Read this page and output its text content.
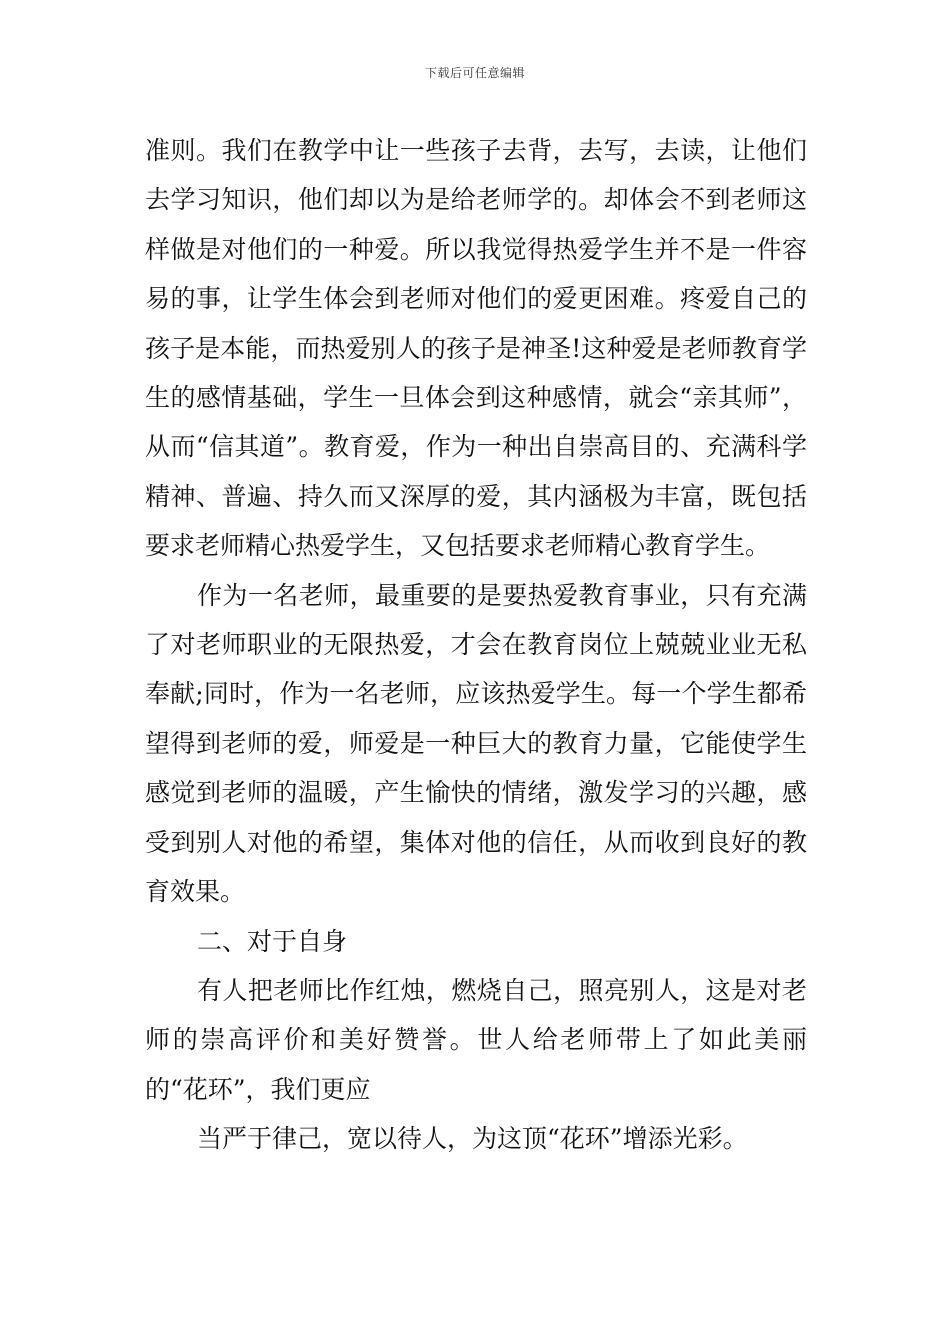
下载后可任意编辑

准则。我们在教学中让一些孩子去背，去写，去读，让他们去学习知识，他们却以为是给老师学的。却体会不到老师这样做是对他们的一种爱。所以我觉得热爱学生并不是一件容易的事，让学生体会到老师对他们的爱更困难。疼爱自己的孩子是本能，而热爱别人的孩子是神圣!这种爱是老师教育学生的感情基础，学生一旦体会到这种感情，就会“亲其师”，从而“信其道”。教育爱，作为一种出自崇高目的、充满科学精神、普遍、持久而又深厚的爱，其内涵极为丰富，既包括要求老师精心热爱学生，又包括要求老师精心教育学生。

作为一名老师，最重要的是要热爱教育事业，只有充满了对老师职业的无限热爱，才会在教育岗位上兢兢业业无私奉献;同时，作为一名老师，应该热爱学生。每一个学生都希望得到老师的爱，师爱是一种巨大的教育力量，它能使学生感觉到老师的温暖，产生愉快的情绪，激发学习的兴趣，感受到别人对他的希望，集体对他的信任，从而收到良好的教育效果。

二、对于自身

有人把老师比作红烛，燃烧自己，照亮别人，这是对老师的崇高评价和美好赞誉。世人给老师带上了如此美丽的“花环”，我们更应

当严于律己，宽以待人，为这顶“花环”增添光彩。
